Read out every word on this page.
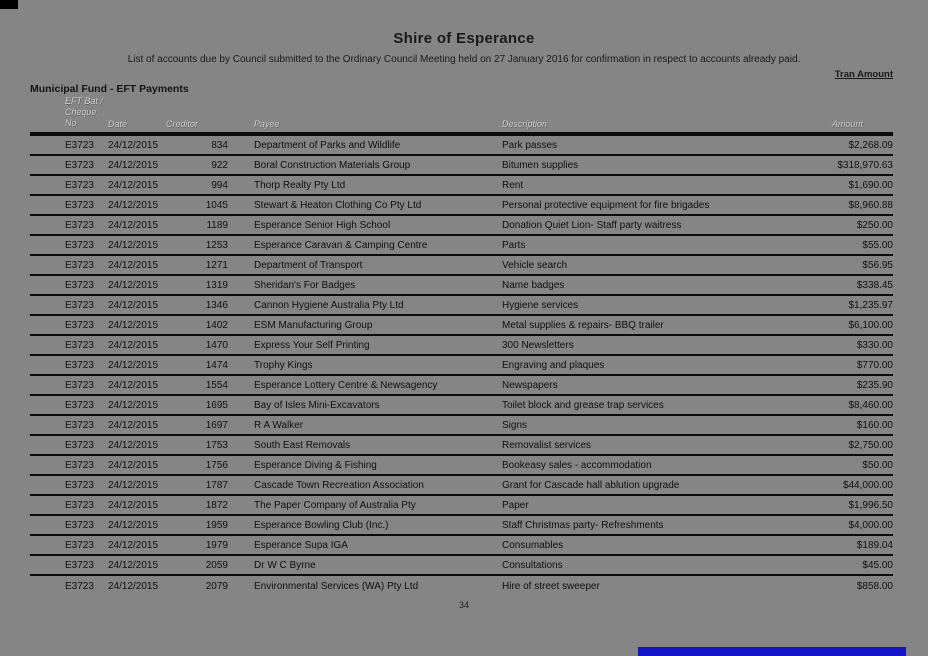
Shire of Esperance
List of accounts due by Council submitted to the Ordinary Council Meeting held on 27 January 2016 for confirmation in respect to accounts already paid.
Tran Amount
Municipal Fund - EFT Payments
EFT Bat /
Cheque No	Date	Creditor	Payee	Description	Amount
E3723	24/12/2015	834	Department of Parks and Wildlife	Park passes	$2,268.09
E3723	24/12/2015	922	Boral Construction Materials Group	Bitumen supplies	$318,970.63
E3723	24/12/2015	994	Thorp Realty Pty Ltd	Rent	$1,690.00
E3723	24/12/2015	1045	Stewart & Heaton Clothing Co Pty Ltd	Personal protective equipment for fire brigades	$8,960.88
E3723	24/12/2015	1189	Esperance Senior High School	Donation Quiet Lion- Staff party waitress	$250.00
E3723	24/12/2015	1253	Esperance Caravan & Camping Centre	Parts	$55.00
E3723	24/12/2015	1271	Department of Transport	Vehicle search	$56.95
E3723	24/12/2015	1319	Sheridan's For Badges	Name badges	$338.45
E3723	24/12/2015	1346	Cannon Hygiene Australia Pty Ltd	Hygiene services	$1,235.97
E3723	24/12/2015	1402	ESM Manufacturing Group	Metal supplies & repairs- BBQ trailer	$6,100.00
E3723	24/12/2015	1470	Express Your Self Printing	300 Newsletters	$330.00
E3723	24/12/2015	1474	Trophy Kings	Engraving and plaques	$770.00
E3723	24/12/2015	1554	Esperance Lottery Centre & Newsagency	Newspapers	$235.90
E3723	24/12/2015	1695	Bay of Isles Mini-Excavators	Toilet block and grease trap services	$8,460.00
E3723	24/12/2015	1697	R A Walker	Signs	$160.00
E3723	24/12/2015	1753	South East Removals	Removalist services	$2,750.00
E3723	24/12/2015	1756	Esperance Diving & Fishing	Bookeasy sales - accommodation	$50.00
E3723	24/12/2015	1787	Cascade Town Recreation Association	Grant for Cascade hall ablution upgrade	$44,000.00
E3723	24/12/2015	1872	The Paper Company of Australia Pty	Paper	$1,996.50
E3723	24/12/2015	1959	Esperance Bowling Club (Inc.)	Staff Christmas party- Refreshments	$4,000.00
E3723	24/12/2015	1979	Esperance Supa IGA	Consumables	$189.04
E3723	24/12/2015	2059	Dr W C Byrne	Consultations	$45.00
E3723	24/12/2015	2079	Environmental Services (WA) Pty Ltd	Hire of street sweeper	$858.00
34
